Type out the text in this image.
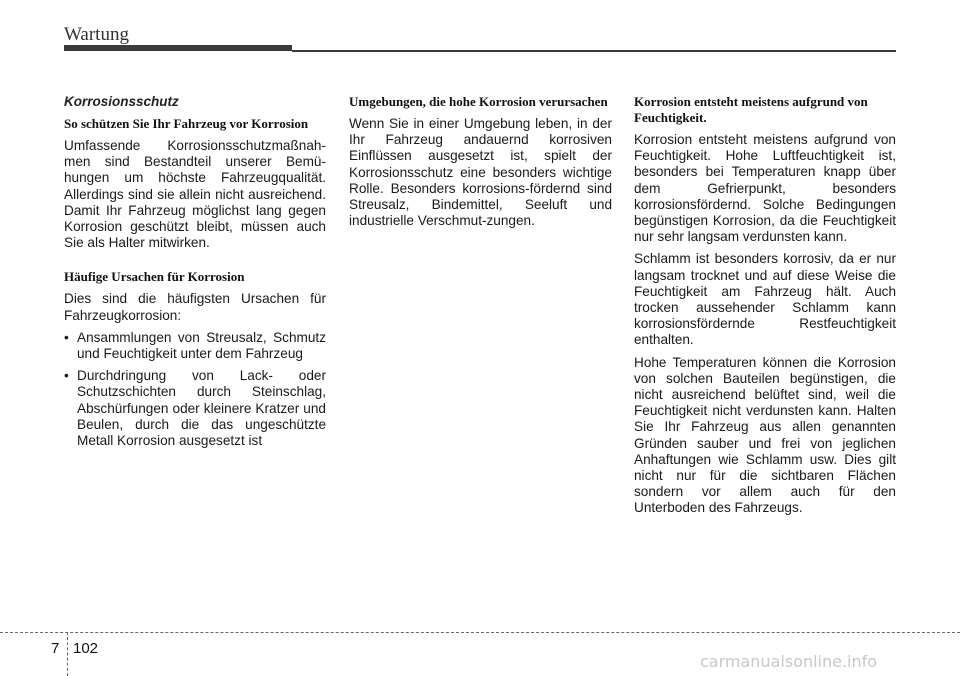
Wartung
Korrosionsschutz
So schützen Sie Ihr Fahrzeug vor Korrosion

Umfassende Korrosionsschutzmaßnah-men sind Bestandteil unserer Bemü-hungen um höchste Fahrzeugqualität. Allerdings sind sie allein nicht ausreichend. Damit Ihr Fahrzeug möglichst lang gegen Korrosion geschützt bleibt, müssen auch Sie als Halter mitwirken.

Häufige Ursachen für Korrosion

Dies sind die häufigsten Ursachen für Fahrzeugkorrosion:

• Ansammlungen von Streusalz, Schmutz und Feuchtigkeit unter dem Fahrzeug
• Durchdringung von Lack- oder Schutzschichten durch Steinschlag, Abschürfungen oder kleinere Kratzer und Beulen, durch die das ungeschützte Metall Korrosion ausgesetzt ist
Umgebungen, die hohe Korrosion verursachen

Wenn Sie in einer Umgebung leben, in der Ihr Fahrzeug andauernd korrosiven Einflüssen ausgesetzt ist, spielt der Korrosionsschutz eine besonders wichtige Rolle. Besonders korrosions-fördernd sind Streusalz, Bindemittel, Seeluft und industrielle Verschmut-zungen.

Korrosion entsteht meistens aufgrund von Feuchtigkeit.

Korrosion entsteht meistens aufgrund von Feuchtigkeit. Hohe Luftfeuchtigkeit ist, besonders bei Temperaturen knapp über dem Gefrierpunkt, besonders korrosionsfördernd. Solche Bedingungen begünstigen Korrosion, da die Feuchtigkeit nur sehr langsam verdunsten kann.

Schlamm ist besonders korrosiv, da er nur langsam trocknet und auf diese Weise die Feuchtigkeit am Fahrzeug hält. Auch trocken aussehender Schlamm kann korrosionsfördernde Restfeuchtigkeit enthalten.

Hohe Temperaturen können die Korrosion von solchen Bauteilen begünstigen, die nicht ausreichend belüftet sind, weil die Feuchtigkeit nicht verdunsten kann. Halten Sie Ihr Fahrzeug aus allen genannten Gründen sauber und frei von jeglichen Anhaftungen wie Schlamm usw. Dies gilt nicht nur für die sichtbaren Flächen sondern vor allem auch für den Unterboden des Fahrzeugs.

7 102
carmanualsonline.info
